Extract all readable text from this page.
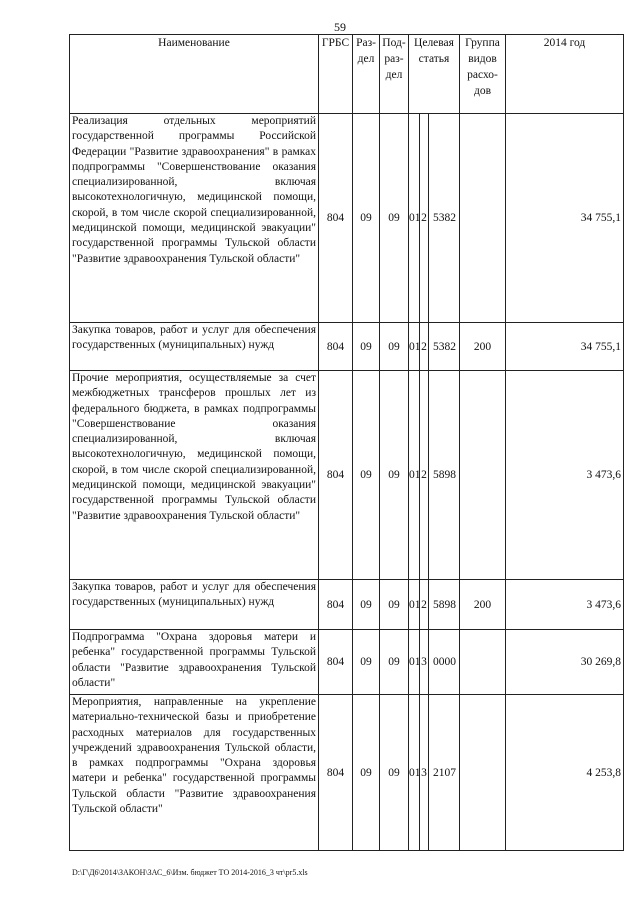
59
Наименование	ГРБС	Раз-дел	Под-раз-дел	Целевая статья			Группа видов расхо-дов	2014 год

Реализация отдельных мероприятий государственной программы Российской Федерации "Развитие здравоохранения" в рамках подпрограммы "Совершенствование оказания специализированной, включая высокотехнологичную, медицинской помощи, скорой, в том числе скорой специализированной, медицинской помощи, медицинской эвакуации" государственной программы Тульской области "Развитие здравоохранения Тульской области"	804	09	09	01	2	5382		34 755,1

Закупка товаров, работ и услуг для обеспечения государственных (муниципальных) нужд	804	09	09	01	2	5382	200	34 755,1

Прочие мероприятия, осуществляемые за счет межбюджетных трансферов прошлых лет из федерального бюджета, в рамках подпрограммы "Совершенствование оказания специализированной, включая высокотехнологичную, медицинской помощи, скорой, в том числе скорой специализированной, медицинской помощи, медицинской эвакуации" государственной программы Тульской области "Развитие здравоохранения Тульской области"	804	09	09	01	2	5898		3 473,6

Закупка товаров, работ и услуг для обеспечения государственных (муниципальных) нужд	804	09	09	01	2	5898	200	3 473,6

Подпрограмма "Охрана здоровья матери и ребенка" государственной программы Тульской области "Развитие здравоохранения Тульской области"	804	09	09	01	3	0000		30 269,8

Мероприятия, направленные на укрепление материально-технической базы и приобретение расходных материалов для государственных учреждений здравоохранения Тульской области, в рамках подпрограммы "Охрана здоровья матери и ребенка" государственной программы Тульской области "Развитие здравоохранения Тульской области"	804	09	09	01	3	2107		4 253,8
D:\Г\Д6\2014\ЗАКОН\ЗАС_6\Изм. бюджет ТО 2014-2016_3 чт\pr5.xls
